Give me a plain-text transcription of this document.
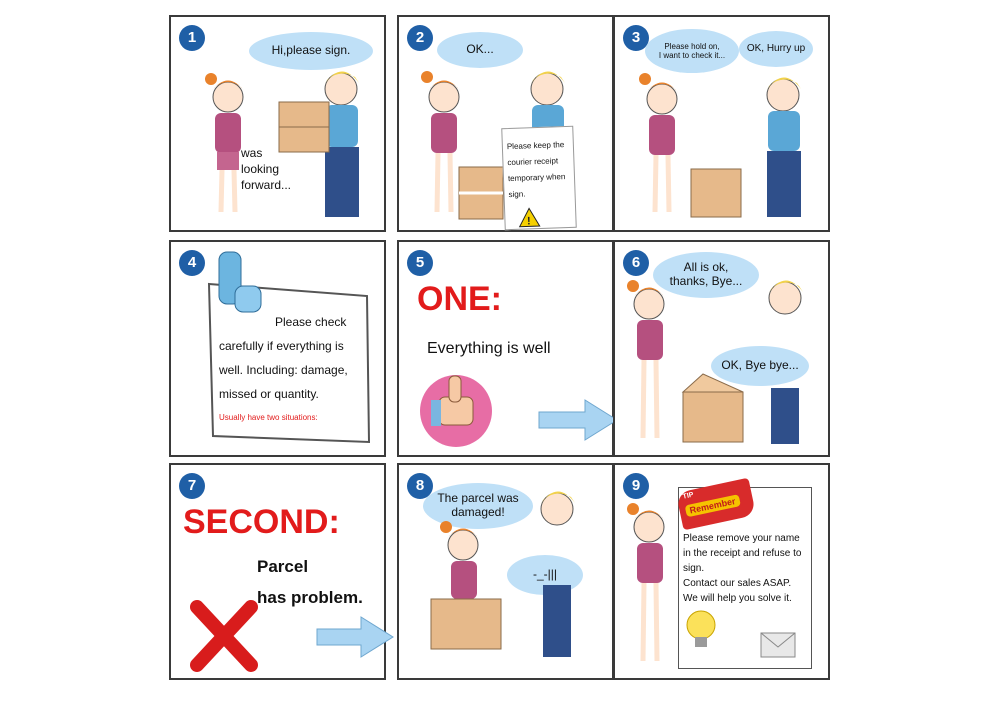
1
Hi,please sign.
was
looking
forward...
2
OK...
Please keep the
courier receipt
temporary when
sign.
!
3
Please hold on,
I want to check it...
OK, Hurry up
4
Please check
carefully if everything is
well. Including: damage,
missed or quantity.
Usually have two situations:
5
ONE:
Everything is well
6	All is ok,
thanks, Bye...
OK, Bye bye...
7
SECOND:
Parcel
has problem.
8
The parcel was
damaged!
-_-|||
9
TIP
Remember
Please remove your name
in the receipt and refuse to
sign.
Contact our sales ASAP.
We will help you solve it.
